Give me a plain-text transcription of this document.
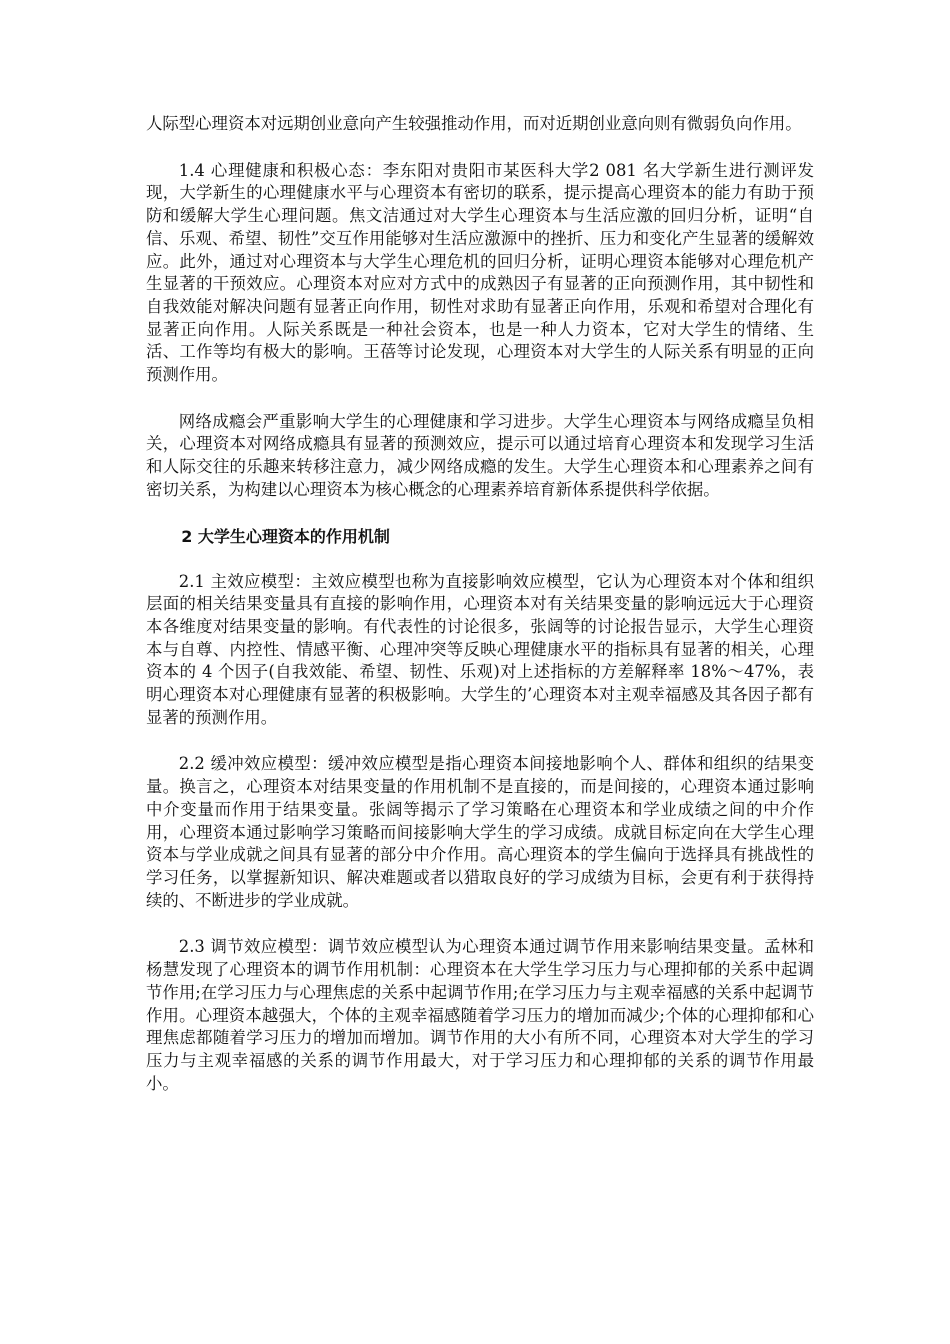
人际型心理资本对远期创业意向产生较强推动作用，而对近期创业意向则有微弱负向作用。

1.4 心理健康和积极心态：李东阳对贵阳市某医科大学2 081 名大学新生进行测评发现，大学新生的心理健康水平与心理资本有密切的联系，提示提高心理资本的能力有助于预防和缓解大学生心理问题。焦文洁通过对大学生心理资本与生活应激的回归分析，证明“自信、乐观、希望、韧性”交互作用能够对生活应激源中的挫折、压力和变化产生显著的缓解效应。此外，通过对心理资本与大学生心理危机的回归分析，证明心理资本能够对心理危机产生显著的干预效应。心理资本对应对方式中的成熟因子有显著的正向预测作用，其中韧性和自我效能对解决问题有显著正向作用，韧性对求助有显著正向作用，乐观和希望对合理化有显著正向作用。人际关系既是一种社会资本，也是一种人力资本，它对大学生的情绪、生活、工作等均有极大的影响。王蓓等讨论发现，心理资本对大学生的人际关系有明显的正向预测作用。

网络成瘾会严重影响大学生的心理健康和学习进步。大学生心理资本与网络成瘾呈负相关，心理资本对网络成瘾具有显著的预测效应，提示可以通过培育心理资本和发现学习生活和人际交往的乐趣来转移注意力，减少网络成瘾的发生。大学生心理资本和心理素养之间有密切关系，为构建以心理资本为核心概念的心理素养培育新体系提供科学依据。

2 大学生心理资本的作用机制

2.1 主效应模型：主效应模型也称为直接影响效应模型，它认为心理资本对个体和组织层面的相关结果变量具有直接的影响作用，心理资本对有关结果变量的影响远远大于心理资本各维度对结果变量的影响。有代表性的讨论很多，张阔等的讨论报告显示，大学生心理资本与自尊、内控性、情感平衡、心理冲突等反映心理健康水平的指标具有显著的相关，心理资本的 4 个因子(自我效能、希望、韧性、乐观)对上述指标的方差解释率 18%～47%，表明心理资本对心理健康有显著的积极影响。大学生的’心理资本对主观幸福感及其各因子都有显著的预测作用。

2.2 缓冲效应模型：缓冲效应模型是指心理资本间接地影响个人、群体和组织的结果变量。换言之，心理资本对结果变量的作用机制不是直接的，而是间接的，心理资本通过影响中介变量而作用于结果变量。张阔等揭示了学习策略在心理资本和学业成绩之间的中介作用，心理资本通过影响学习策略而间接影响大学生的学习成绩。成就目标定向在大学生心理资本与学业成就之间具有显著的部分中介作用。高心理资本的学生偏向于选择具有挑战性的学习任务，以掌握新知识、解决难题或者以猎取良好的学习成绩为目标，会更有利于获得持续的、不断进步的学业成就。

2.3 调节效应模型：调节效应模型认为心理资本通过调节作用来影响结果变量。孟林和杨慧发现了心理资本的调节作用机制：心理资本在大学生学习压力与心理抑郁的关系中起调节作用;在学习压力与心理焦虑的关系中起调节作用;在学习压力与主观幸福感的关系中起调节作用。心理资本越强大，个体的主观幸福感随着学习压力的增加而减少;个体的心理抑郁和心理焦虑都随着学习压力的增加而增加。调节作用的大小有所不同，心理资本对大学生的学习压力与主观幸福感的关系的调节作用最大，对于学习压力和心理抑郁的关系的调节作用最小。
